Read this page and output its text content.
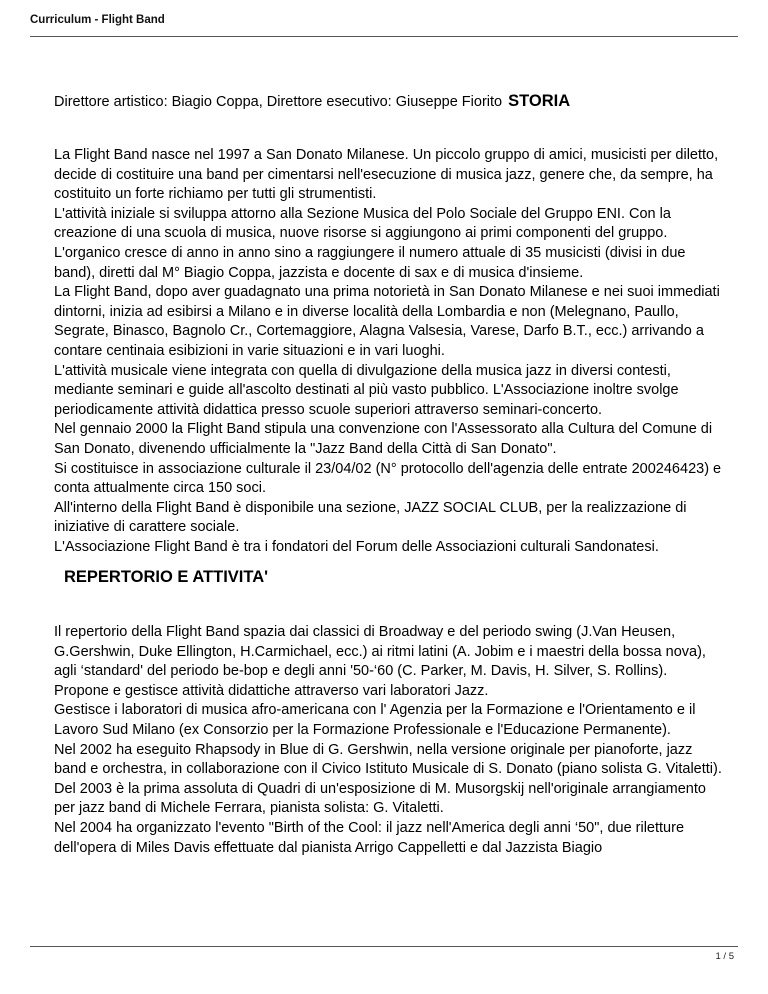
Curriculum - Flight Band
Direttore artistico: Biagio Coppa, Direttore esecutivo: Giuseppe Fiorito STORIA
La Flight Band nasce nel 1997 a San Donato Milanese. Un piccolo gruppo di amici, musicisti per diletto, decide di costituire una band per cimentarsi nell'esecuzione di musica jazz, genere che, da sempre, ha costituito un forte richiamo per tutti gli strumentisti.
L'attività iniziale si sviluppa attorno alla Sezione Musica del Polo Sociale del Gruppo ENI. Con la creazione di una scuola di musica, nuove risorse si aggiungono ai primi componenti del gruppo.
L'organico cresce di anno in anno sino a raggiungere il numero attuale di 35 musicisti (divisi in due band), diretti dal M° Biagio Coppa, jazzista e docente di sax e di musica d'insieme.
La Flight Band, dopo aver guadagnato una prima notorietà in San Donato Milanese e nei suoi immediati dintorni, inizia ad esibirsi a Milano e in diverse località della Lombardia e non (Melegnano, Paullo, Segrate, Binasco, Bagnolo Cr., Cortemaggiore, Alagna Valsesia, Varese, Darfo B.T., ecc.) arrivando a contare centinaia esibizioni in varie situazioni e in vari luoghi.
L'attività musicale viene integrata con quella di divulgazione della musica jazz in diversi contesti, mediante seminari e guide all'ascolto destinati al più vasto pubblico. L'Associazione inoltre svolge periodicamente attività didattica presso scuole superiori attraverso seminari-concerto.
Nel gennaio 2000 la Flight Band stipula una convenzione con l'Assessorato alla Cultura del Comune di San Donato, divenendo ufficialmente la "Jazz Band della Città di San Donato".
Si costituisce in associazione culturale il 23/04/02 (N° protocollo dell'agenzia delle entrate 200246423) e conta attualmente circa 150 soci.
All'interno della Flight Band è disponibile una sezione, JAZZ SOCIAL CLUB, per la realizzazione di iniziative di carattere sociale.
L'Associazione Flight Band è tra i fondatori del Forum delle Associazioni culturali Sandonatesi.
REPERTORIO E ATTIVITA'
Il repertorio della Flight Band spazia dai classici di Broadway e del periodo swing (J.Van Heusen, G.Gershwin, Duke Ellington, H.Carmichael, ecc.) ai ritmi latini (A. Jobim e i maestri della bossa nova), agli ‘standard' del periodo be-bop e degli anni '50-‘60 (C. Parker, M. Davis, H. Silver, S. Rollins).
Propone e gestisce attività didattiche attraverso vari laboratori Jazz.
Gestisce i laboratori di musica afro-americana con l' Agenzia per la Formazione e l'Orientamento e il Lavoro Sud Milano (ex Consorzio per la Formazione Professionale e l'Educazione Permanente).
Nel 2002 ha eseguito Rhapsody in Blue di G. Gershwin, nella versione originale per pianoforte, jazz band e orchestra, in collaborazione con il Civico Istituto Musicale di S. Donato (piano solista G. Vitaletti).
Del 2003 è la prima assoluta di Quadri di un'esposizione di M. Musorgskij nell'originale arrangiamento per jazz band di Michele Ferrara, pianista solista: G. Vitaletti.
Nel 2004 ha organizzato l'evento "Birth of the Cool: il jazz nell'America degli anni ‘50", due riletture dell'opera di Miles Davis effettuate dal pianista Arrigo Cappelletti e dal Jazzista Biagio
1 / 5
